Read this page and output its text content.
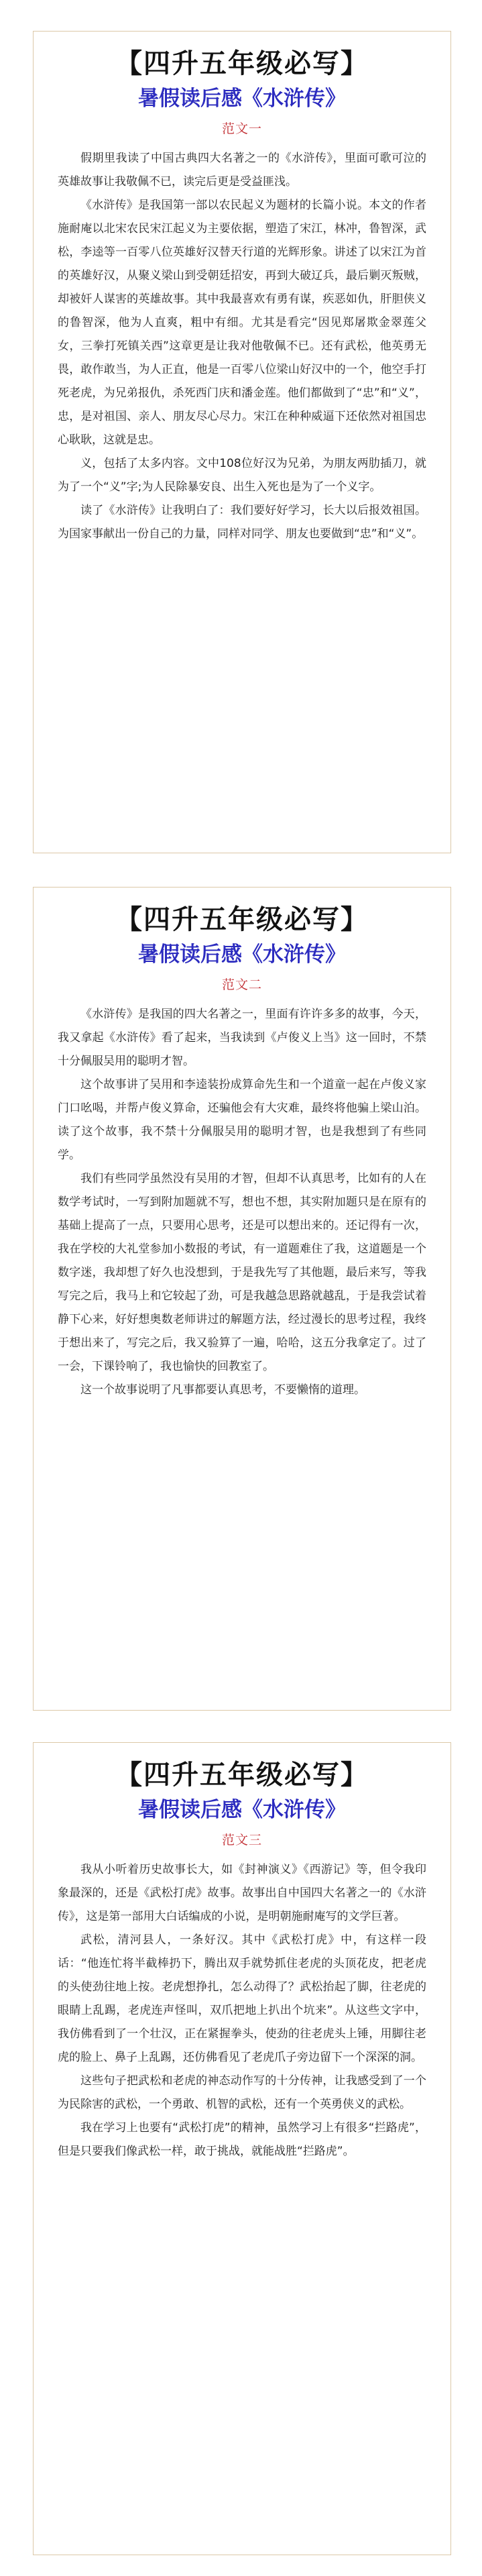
【四升五年级必写】
暑假读后感《水浒传》
范文一

假期里我读了中国古典四大名著之一的《水浒传》，里面可歌可泣的英雄故事让我敬佩不已，读完后更是受益匪浅。

《水浒传》是我国第一部以农民起义为题材的长篇小说。本文的作者施耐庵以北宋农民宋江起义为主要依据，塑造了宋江，林冲，鲁智深，武松，李逵等一百零八位英雄好汉替天行道的光辉形象。讲述了以宋江为首的英雄好汉，从聚义梁山到受朝廷招安，再到大破辽兵，最后剿灭叛贼，却被奸人谋害的英雄故事。其中我最喜欢有勇有谋，疾恶如仇，肝胆侠义的鲁智深，他为人直爽，粗中有细。尤其是看完“因见郑屠欺金翠莲父女，三拳打死镇关西”这章更是让我对他敬佩不已。还有武松，他英勇无畏，敢作敢当，为人正直，他是一百零八位梁山好汉中的一个，他空手打死老虎，为兄弟报仇，杀死西门庆和潘金莲。他们都做到了“忠”和“义”，忠，是对祖国、亲人、朋友尽心尽力。宋江在种种威逼下还依然对祖国忠心耿耿，这就是忠。

义，包括了太多内容。文中108位好汉为兄弟，为朋友两肋插刀，就为了一个“义”字;为人民除暴安良、出生入死也是为了一个义字。

读了《水浒传》让我明白了：我们要好好学习，长大以后报效祖国。为国家事献出一份自己的力量，同样对同学、朋友也要做到“忠”和“义”。

【四升五年级必写】
暑假读后感《水浒传》
范文二

《水浒传》是我国的四大名著之一，里面有许许多多的故事，今天，我又拿起《水浒传》看了起来，当我读到《卢俊义上当》这一回时，不禁十分佩服吴用的聪明才智。

这个故事讲了吴用和李逵装扮成算命先生和一个道童一起在卢俊义家门口吆喝，并帮卢俊义算命，还骗他会有大灾难，最终将他骗上梁山泊。读了这个故事，我不禁十分佩服吴用的聪明才智，也是我想到了有些同学。

我们有些同学虽然没有吴用的才智，但却不认真思考，比如有的人在数学考试时，一写到附加题就不写，想也不想，其实附加题只是在原有的基础上提高了一点，只要用心思考，还是可以想出来的。还记得有一次，我在学校的大礼堂参加小数报的考试，有一道题难住了我，这道题是一个数字迷，我却想了好久也没想到，于是我先写了其他题，最后来写，等我写完之后，我马上和它较起了劲，可是我越急思路就越乱，于是我尝试着静下心来，好好想奥数老师讲过的解题方法，经过漫长的思考过程，我终于想出来了，写完之后，我又验算了一遍，哈哈，这五分我拿定了。过了一会，下课铃响了，我也愉快的回教室了。

这一个故事说明了凡事都要认真思考，不要懒惰的道理。

【四升五年级必写】
暑假读后感《水浒传》
范文三

我从小听着历史故事长大，如《封神演义》《西游记》等，但令我印象最深的，还是《武松打虎》故事。故事出自中国四大名著之一的《水浒传》，这是第一部用大白话编成的小说，是明朝施耐庵写的文学巨著。

武松，清河县人，一条好汉。其中《武松打虎》中，有这样一段话：“他连忙将半截棒扔下，腾出双手就势抓住老虎的头顶花皮，把老虎的头使劲往地上按。老虎想挣扎，怎么动得了？武松抬起了脚，往老虎的眼睛上乱踢，老虎连声怪叫，双爪把地上扒出个坑来”。从这些文字中，我仿佛看到了一个壮汉，正在紧握拳头，使劲的往老虎头上锤，用脚往老虎的脸上、鼻子上乱踢，还仿佛看见了老虎爪子旁边留下一个深深的洞。

这些句子把武松和老虎的神态动作写的十分传神，让我感受到了一个为民除害的武松，一个勇敢、机智的武松，还有一个英勇侠义的武松。

我在学习上也要有“武松打虎”的精神，虽然学习上有很多“拦路虎”，但是只要我们像武松一样，敢于挑战，就能战胜“拦路虎”。
